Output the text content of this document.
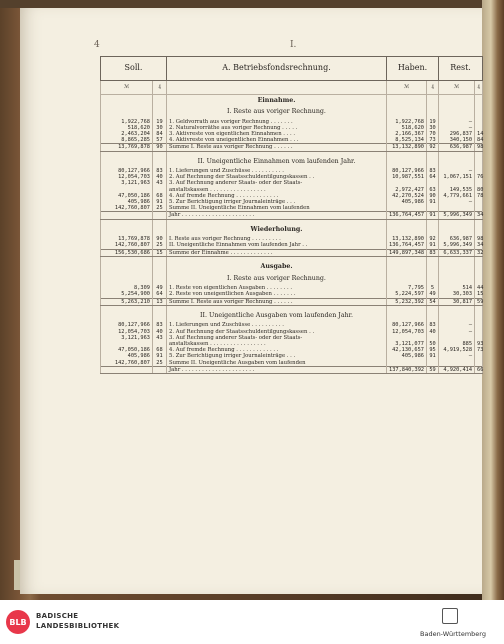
4	I.
Soll.		A. Betriebsfondsrechnung.	Haben.		Rest.	
ℳ	₰		ℳ	₰	ℳ	₰
		Einnahme.				
		I. Reste aus voriger Rechnung.				
1,922,768	19	1. Geldvorrath aus voriger Rechnung . . . . . . .	1,922,768	19	—	
518,620	30	2. Naturalvorräthe aus voriger Rechnung . . . . .	518,620	30	—	
2,463,204	84	3. Aktivreste von eigentlichen Einnahmen . . . .	2,166,367	70	296,837	14
8,865,285	57	4. Aktivreste von uneigentlichen Einnahmen . . .	8,525,134	73	340,150	84
13,769,878	90	Summe I. Reste aus voriger Rechnung . . . . . .	13,132,890	92	636,987	98

		II. Uneigentliche Einnahmen vom laufenden Jahr.				
80,127,966	83	1. Lieferungen und Zuschüsse . . . . . . . . . .	80,127,966	83	—	
12,054,703	40	2. Auf Rechnung der Staatsschuldentilgungskassen . .	10,987,551	64	1,067,151	76
3,121,963	43	3. Auf Rechnung anderer Staats- oder der Staats-				
		anstaltskassen . . . . . . . . . . . . . . . . .	2,972,427	63	149,535	80
47,050,186	68	4. Auf fremde Rechnung . . . . . . . . . . . . .	42,270,524	90	4,779,661	78
405,986	91	5. Zur Berichtigung irriger Journaleinträge . . .	405,986	91	—	
142,760,807	25	Summe II. Uneigentliche Einnahmen vom laufenden				
		Jahr . . . . . . . . . . . . . . . . . . . . . .	136,764,457	91	5,996,349	34

		Wiederholung.				
13,769,878	90	I. Reste aus voriger Rechnung . . . . . . . . .	13,132,890	92	636,987	98
142,760,807	25	II. Uneigentliche Einnahmen vom laufenden Jahr . .	136,764,457	91	5,996,349	34
156,530,686	15	Summe der Einnahme . . . . . . . . . . . . .	149,897,348	83	6,633,337	32

		Ausgabe.				
		I. Reste aus voriger Rechnung.				
8,309	49	1. Reste von eigentlichen Ausgaben . . . . . . . .	7,795	5	514	44
5,254,900	64	2. Reste von uneigentlichen Ausgaben . . . . . . .	5,224,597	49	30,303	15
5,263,210	13	Summe I. Reste aus voriger Rechnung . . . . . .	5,232,392	54	30,817	59

		II. Uneigentliche Ausgaben vom laufenden Jahr.				
80,127,966	83	1. Lieferungen und Zuschüsse . . . . . . . . . .	80,127,966	83	—	
12,054,703	40	2. Auf Rechnung der Staatsschuldentilgungskassen . .	12,054,703	40	—	
3,121,963	43	3. Auf Rechnung anderer Staats- oder der Staats-				
		anstaltskassen . . . . . . . . . . . . . . . . .	3,121,077	50	885	93
47,050,186	68	4. Auf fremde Rechnung . . . . . . . . . . . . .	42,130,657	95	4,919,528	73
405,986	91	5. Zur Berichtigung irriger Journaleinträge . . .	405,986	91	—	
142,760,807	25	Summe II. Uneigentliche Ausgaben vom laufenden				
		Jahr . . . . . . . . . . . . . . . . . . . . . .	137,840,392	59	4,920,414	66
BLB
BADISCHE
LANDESBIBLIOTHEK
Baden-Württemberg
